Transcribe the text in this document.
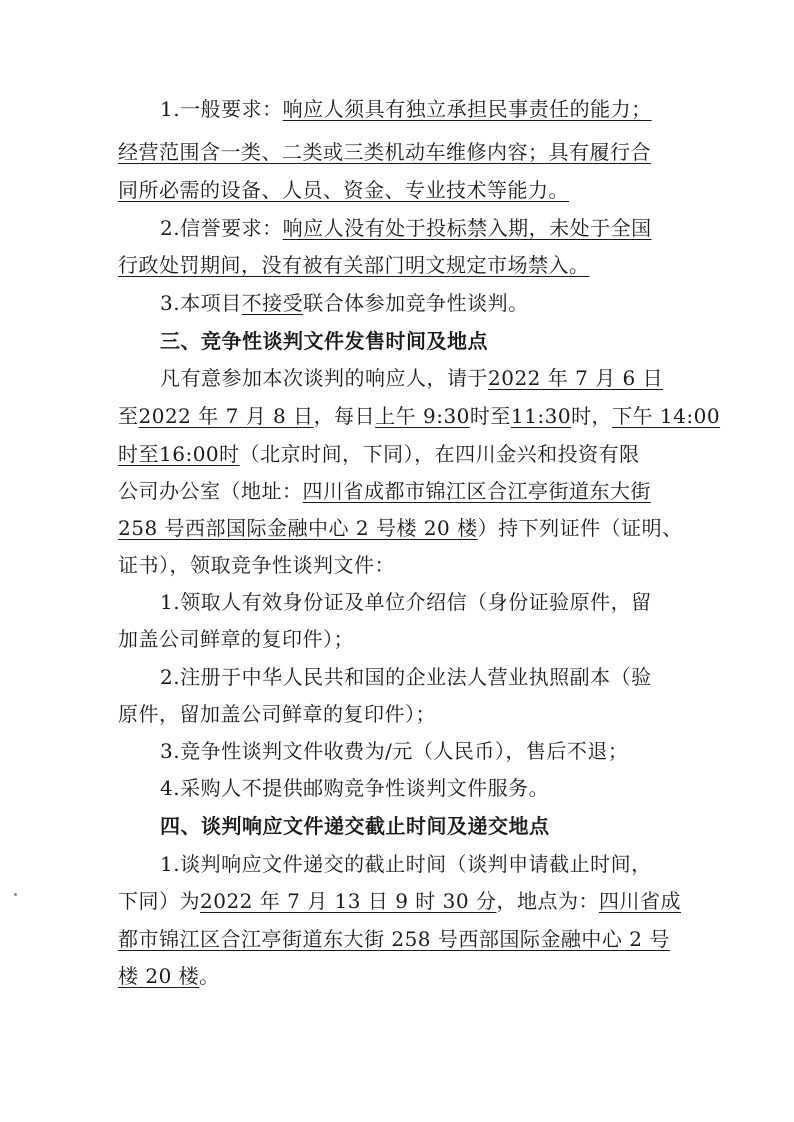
1.一般要求：响应人须具有独立承担民事责任的能力；
经营范围含一类、二类或三类机动车维修内容；具有履行合
同所必需的设备、人员、资金、专业技术等能力。
2.信誉要求：响应人没有处于投标禁入期，未处于全国
行政处罚期间，没有被有关部门明文规定市场禁入。
3.本项目不接受联合体参加竞争性谈判。
三、竞争性谈判文件发售时间及地点
凡有意参加本次谈判的响应人，请于2022 年 7 月 6 日
至2022 年 7 月 8 日，每日上午 9:30时至11:30时，下午 14:00
时至16:00时（北京时间，下同），在四川金兴和投资有限
公司办公室（地址：四川省成都市锦江区合江亭街道东大街
258 号西部国际金融中心 2 号楼 20 楼）持下列证件（证明、
证书），领取竞争性谈判文件：
1.领取人有效身份证及单位介绍信（身份证验原件，留
加盖公司鲜章的复印件）；
2.注册于中华人民共和国的企业法人营业执照副本（验
原件，留加盖公司鲜章的复印件）；
3.竞争性谈判文件收费为/元（人民币），售后不退；
4.采购人不提供邮购竞争性谈判文件服务。
四、谈判响应文件递交截止时间及递交地点
1.谈判响应文件递交的截止时间（谈判申请截止时间，
下同）为2022 年 7 月 13 日 9 时 30 分，地点为：四川省成
都市锦江区合江亭街道东大街 258 号西部国际金融中心 2 号
楼 20 楼。
